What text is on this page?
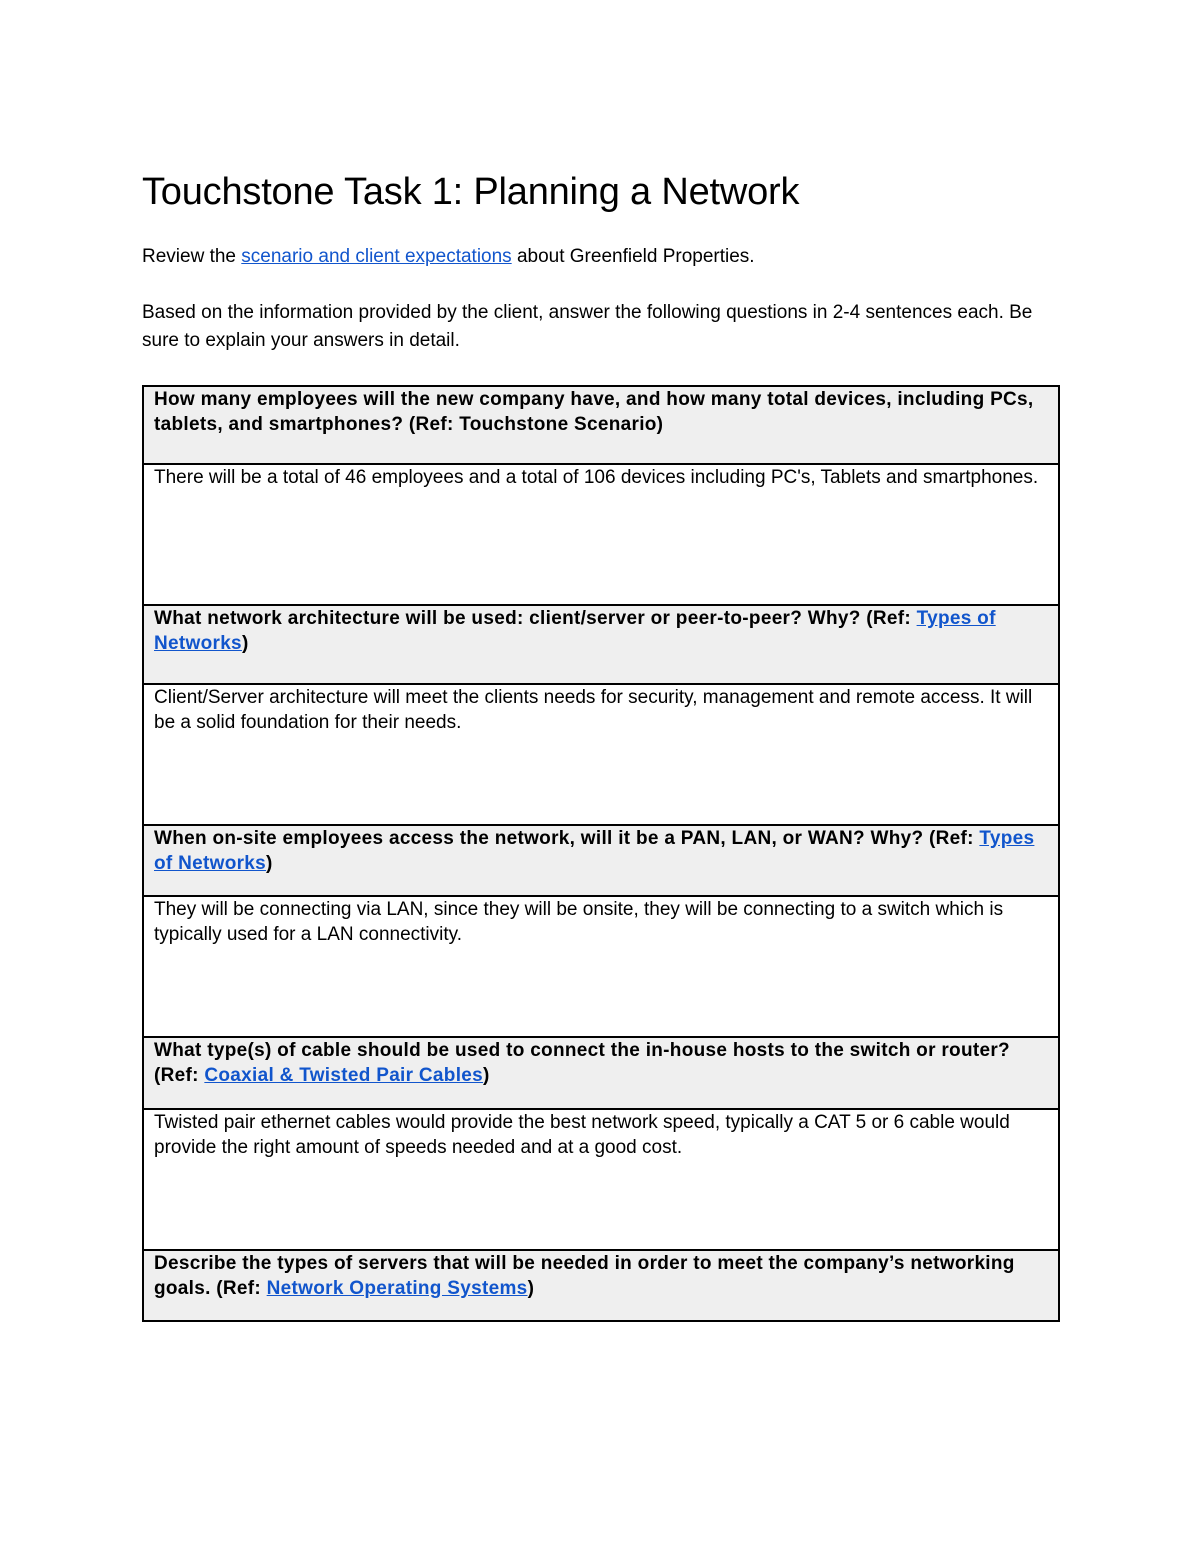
Touchstone Task 1: Planning a Network

Review the scenario and client expectations about Greenfield Properties.

Based on the information provided by the client, answer the following questions in 2-4 sentences each. Be sure to explain your answers in detail.

How many employees will the new company have, and how many total devices, including PCs, tablets, and smartphones? (Ref: Touchstone Scenario)
There will be a total of 46 employees and a total of 106 devices including PC's, Tablets and smartphones.
What network architecture will be used: client/server or peer-to-peer? Why? (Ref: Types of Networks)
Client/Server architecture will meet the clients needs for security, management and remote access. It will be a solid foundation for their needs.
When on-site employees access the network, will it be a PAN, LAN, or WAN? Why? (Ref: Types of Networks)
They will be connecting via LAN, since they will be onsite, they will be connecting to a switch which is typically used for a LAN connectivity.
What type(s) of cable should be used to connect the in-house hosts to the switch or router? (Ref: Coaxial & Twisted Pair Cables)
Twisted pair ethernet cables would provide the best network speed, typically a CAT 5 or 6 cable would provide the right amount of speeds needed and at a good cost.
Describe the types of servers that will be needed in order to meet the company’s networking goals. (Ref: Network Operating Systems)
